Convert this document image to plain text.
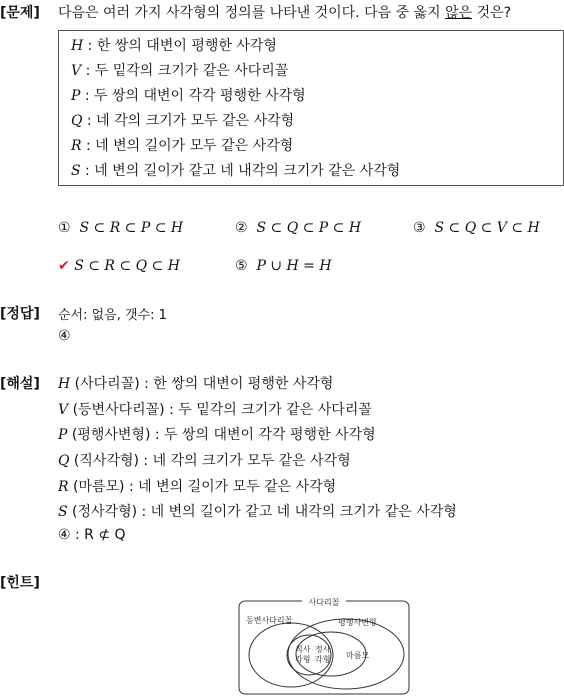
[문제] 다음은 여러 가지 사각형의 정의를 나타낸 것이다. 다음 중 옳지 않은 것은?
H : 한 쌍의 대변이 평행한 사각형
V : 두 밑각의 크기가 같은 사다리꼴
P : 두 쌍의 대변이 각각 평행한 사각형
Q : 네 각의 크기가 모두 같은 사각형
R : 네 변의 길이가 모두 같은 사각형
S : 네 변의 길이가 같고 네 내각의 크기가 같은 사각형
① S ⊂ R ⊂ P ⊂ H	② S ⊂ Q ⊂ P ⊂ H	③ S ⊂ Q ⊂ V ⊂ H
✔ S ⊂ R ⊂ Q ⊂ H	⑤ P ∪ H = H
[정답] 순서: 없음, 갯수: 1
④
[해설] H (사다리꼴) : 한 쌍의 대변이 평행한 사각형
V (등변사다리꼴) : 두 밑각의 크기가 같은 사다리꼴
P (평행사변형) : 두 쌍의 대변이 각각 평행한 사각형
Q (직사각형) : 네 각의 크기가 모두 같은 사각형
R (마름모) : 네 변의 길이가 모두 같은 사각형
S (정사각형) : 네 변의 길이가 같고 네 내각의 크기가 같은 사각형
④ : R ⊄ Q
[힌트]
사다리꼴
등변사다리꼴	평행사변형
직사 각형
정사 각형 마름모
